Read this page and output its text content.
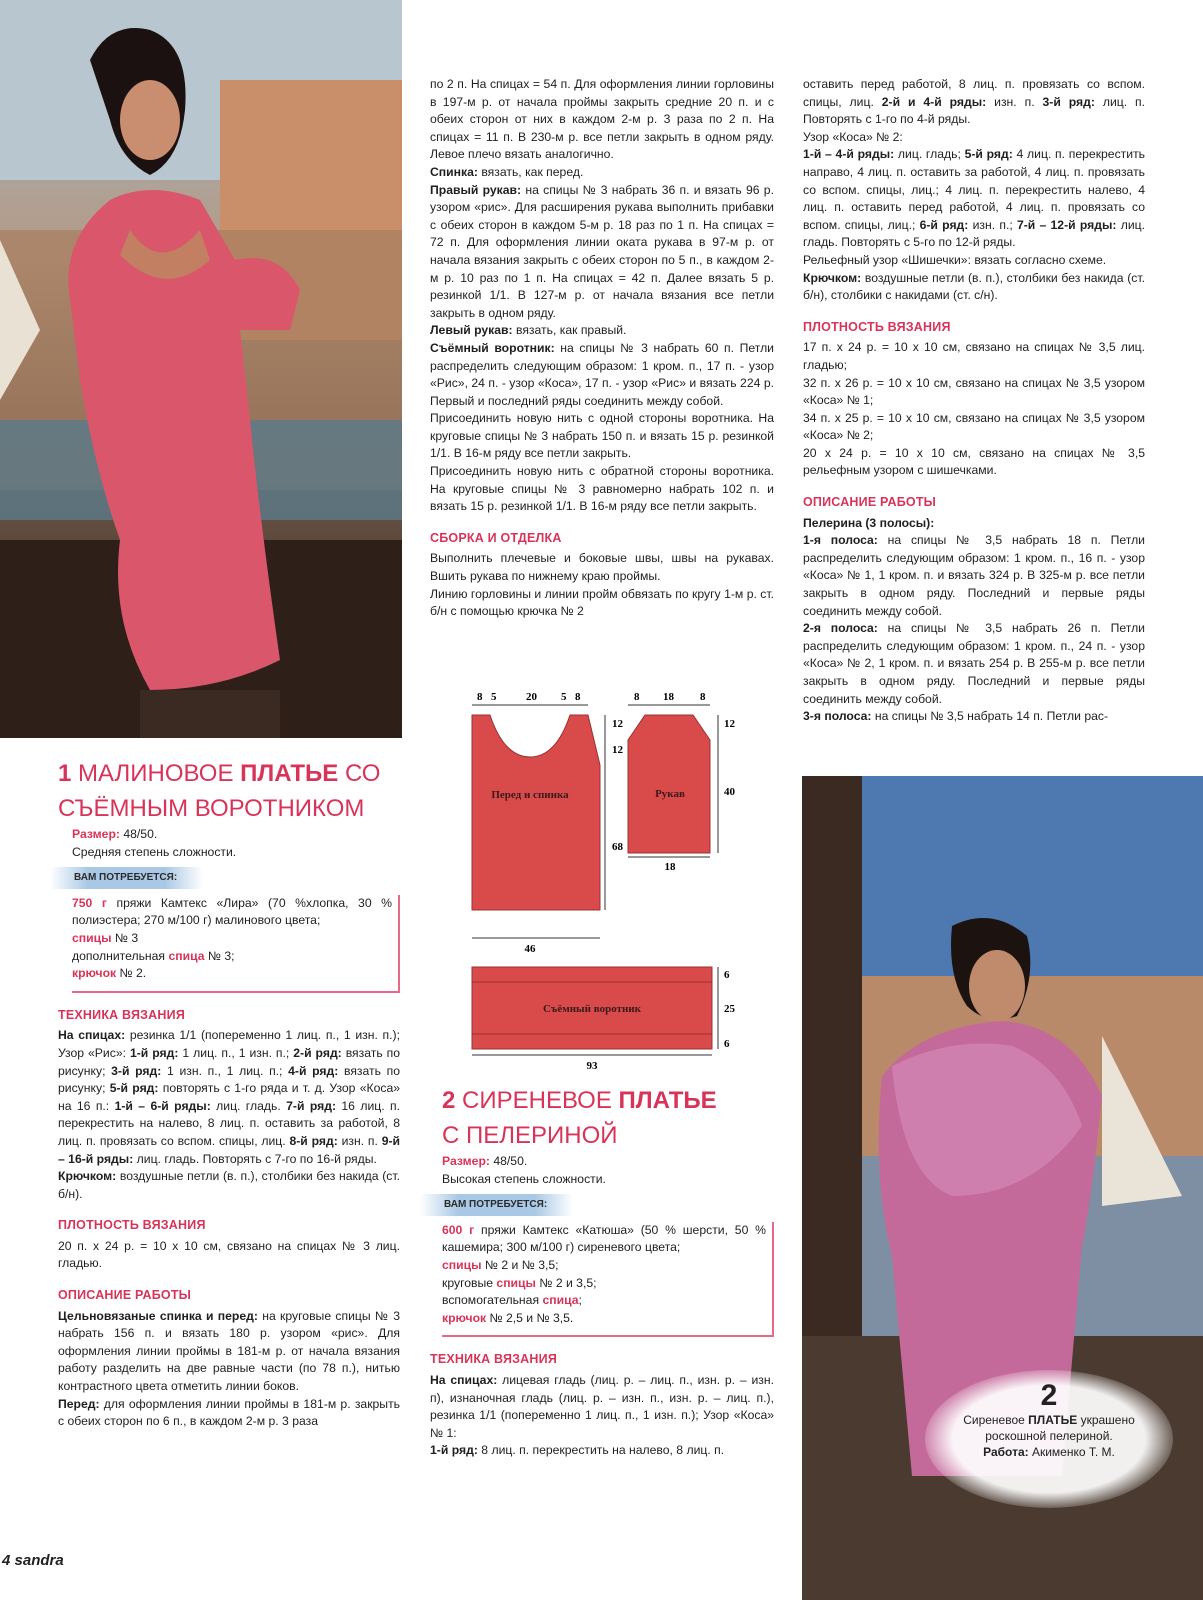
1 МАЛИНОВОЕ ПЛАТЬЕ СО
СЪЁМНЫМ ВОРОТНИКОМ

Размер: 48/50.

Средняя степень сложности.

ВАМ ПОТРЕБУЕТСЯ:

750 г пряжи Камтекс «Лира» (70 %хлопка, 30 % полиэстера; 270 м/100 г) малинового цвета;

спицы № 3

дополнительная спица № 3;

крючок № 2.

ТЕХНИКА ВЯЗАНИЯ

На спицах: резинка 1/1 (попеременно 1 лиц. п., 1 изн. п.); Узор «Рис»: 1-й ряд: 1 лиц. п., 1 изн. п.; 2-й ряд: вязать по рисунку; 3-й ряд: 1 изн. п., 1 лиц. п.; 4-й ряд: вязать по рисунку; 5-й ряд: повторять с 1-го ряда и т. д. Узор «Коса» на 16 п.: 1-й – 6-й ряды: лиц. гладь. 7-й ряд: 16 лиц. п. перекрестить на налево, 8 лиц. п. оставить за работой, 8 лиц. п. провязать со вспом. спицы, лиц. 8-й ряд: изн. п. 9-й – 16-й ряды: лиц. гладь. Повторять с 7-го по 16-й ряды.

Крючком: воздушные петли (в. п.), столбики без накида (ст. б/н).

ПЛОТНОСТЬ ВЯЗАНИЯ

20 п. х 24 р. = 10 х 10 см, связано на спицах № 3 лиц. гладью.

ОПИСАНИЕ РАБОТЫ

Цельновязаные спинка и перед: на круговые спицы № 3 набрать 156 п. и вязать 180 р. узором «рис». Для оформления линии проймы в 181-м р. от начала вязания работу разделить на две равные части (по 78 п.), нитью контрастного цвета отметить линии боков.

Перед: для оформления линии проймы в 181-м р. закрыть с обеих сторон по 6 п., в каждом 2-м р. 3 раза

по 2 п. На спицах = 54 п. Для оформления линии горловины в 197-м р. от начала проймы закрыть средние 20 п. и с обеих сторон от них в каждом 2-м р. 3 раза по 2 п. На спицах = 11 п. В 230-м р. все петли закрыть в одном ряду. Левое плечо вязать аналогично.

Спинка: вязать, как перед.

Правый рукав: на спицы № 3 набрать 36 п. и вязать 96 р. узором «рис». Для расширения рукава выполнить прибавки с обеих сторон в каждом 5-м р. 18 раз по 1 п. На спицах = 72 п. Для оформления линии оката рукава в 97-м р. от начала вязания закрыть с обеих сторон по 5 п., в каждом 2-м р. 10 раз по 1 п. На спицах = 42 п. Далее вязать 5 р. резинкой 1/1. В 127-м р. от начала вязания все петли закрыть в одном ряду.

Левый рукав: вязать, как правый.

Съёмный воротник: на спицы № 3 набрать 60 п. Петли распределить следующим образом: 1 кром. п., 17 п. - узор «Рис», 24 п. - узор «Коса», 17 п. - узор «Рис» и вязать 224 р. Первый и последний ряды соединить между собой.

Присоединить новую нить с одной стороны воротника. На круговые спицы № 3 набрать 150 п. и вязать 15 р. резинкой 1/1. В 16-м ряду все петли закрыть.

Присоединить новую нить с обратной стороны воротника. На круговые спицы № 3 равномерно набрать 102 п. и вязать 15 р. резинкой 1/1. В 16-м ряду все петли закрыть.

СБОРКА И ОТДЕЛКА

Выполнить плечевые и боковые швы, швы на рукавах. Вшить рукава по нижнему краю проймы.

Линию горловины и линии пройм обвязать по кругу 1-м р. ст. б/н с помощью крючка № 2

Перед и спинка
8 5	20 5 8
12
12
68
46
Рукав
8 18 8
12
40
18
Съёмный воротник
6
25
6
93
2 СИРЕНЕВОЕ ПЛАТЬЕ
С ПЕЛЕРИНОЙ

Размер: 48/50.

Высокая степень сложности.

ВАМ ПОТРЕБУЕТСЯ:

600 г пряжи Камтекс «Катюша» (50 % шерсти, 50 % кашемира; 300 м/100 г) сиреневого цвета;

спицы № 2 и № 3,5;

круговые спицы № 2 и 3,5;

вспомогательная спица;

крючок № 2,5 и № 3,5.

ТЕХНИКА ВЯЗАНИЯ

На спицах: лицевая гладь (лиц. р. – лиц. п., изн. р. – изн. п), изнаночная гладь (лиц. р. – изн. п., изн. р. – лиц. п.), резинка 1/1 (попеременно 1 лиц. п., 1 изн. п.); Узор «Коса» № 1:

1-й ряд: 8 лиц. п. перекрестить на налево, 8 лиц. п.

оставить перед работой, 8 лиц. п. провязать со вспом. спицы, лиц. 2-й и 4-й ряды: изн. п. 3-й ряд: лиц. п. Повторять с 1-го по 4-й ряды.

Узор «Коса» № 2:

1-й – 4-й ряды: лиц. гладь; 5-й ряд: 4 лиц. п. перекрестить направо, 4 лиц. п. оставить за работой, 4 лиц. п. провязать со вспом. спицы, лиц.; 4 лиц. п. перекрестить налево, 4 лиц. п. оставить перед работой, 4 лиц. п. провязать со вспом. спицы, лиц.; 6-й ряд: изн. п.; 7-й – 12-й ряды: лиц. гладь. Повторять с 5-го по 12-й ряды.

Рельефный узор «Шишечки»: вязать согласно схеме.

Крючком: воздушные петли (в. п.), столбики без накида (ст. б/н), столбики с накидами (ст. с/н).

ПЛОТНОСТЬ ВЯЗАНИЯ

17 п. х 24 р. = 10 х 10 см, связано на спицах № 3,5 лиц. гладью;

32 п. х 26 р. = 10 х 10 см, связано на спицах № 3,5 узором «Коса» № 1;

34 п. х 25 р. = 10 х 10 см, связано на спицах № 3,5 узором «Коса» № 2;

20 х 24 р. = 10 х 10 см, связано на спицах № 3,5 рельефным узором с шишечками.

ОПИСАНИЕ РАБОТЫ

Пелерина (3 полосы):

1-я полоса: на спицы № 3,5 набрать 18 п. Петли распределить следующим образом: 1 кром. п., 16 п. - узор «Коса» № 1, 1 кром. п. и вязать 324 р. В 325-м р. все петли закрыть в одном ряду. Последний и первые ряды соединить между собой.

2-я полоса: на спицы № 3,5 набрать 26 п. Петли распределить следующим образом: 1 кром. п., 24 п. - узор «Коса» № 2, 1 кром. п. и вязать 254 р. В 255-м р. все петли закрыть в одном ряду. Последний и первые ряды соединить между собой.

3-я полоса: на спицы № 3,5 набрать 14 п. Петли рас-

2
Сиреневое ПЛАТЬЕ украшено
роскошной пелериной.
Работа: Акименко Т. М.
4 sandra
